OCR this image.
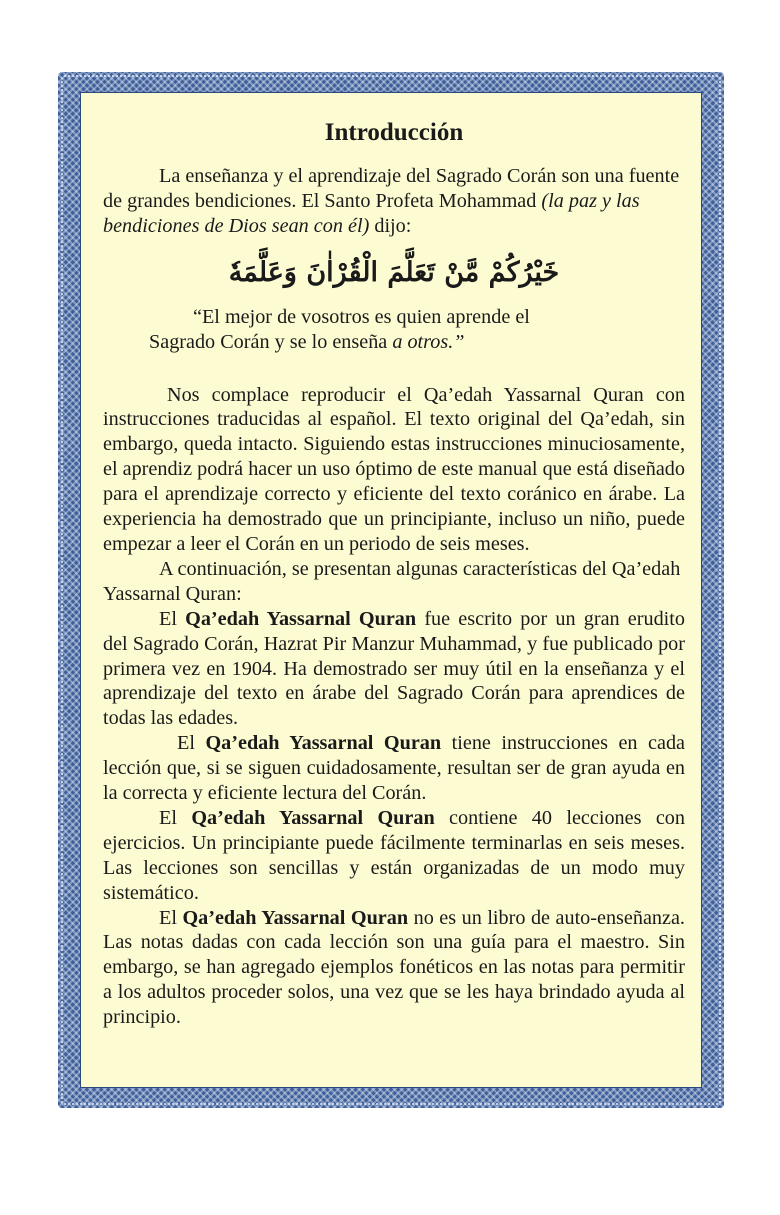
Introducción

La enseñanza y el aprendizaje del Sagrado Corán son una fuente de grandes bendiciones. El Santo Profeta Mohammad (la paz y las bendiciones de Dios sean con él) dijo:

خَيْرُكُمْ مَّنْ تَعَلَّمَ الْقُرْاٰنَ وَعَلَّمَهٗ
“El mejor de vosotros es quien aprende el
Sagrado Corán y se lo enseña a otros.”

Nos complace reproducir el Qa’edah Yassarnal Quran con instrucciones traducidas al español. El texto original del Qa’edah, sin embargo, queda intacto. Siguiendo estas instrucciones minuciosamente, el aprendiz podrá hacer un uso óptimo de este manual que está diseñado para el aprendizaje correcto y eficiente del texto coránico en árabe. La experiencia ha demostrado que un principiante, incluso un niño, puede empezar a leer el Corán en un periodo de seis meses.

A continuación, se presentan algunas características del Qa’edah Yassarnal Quran:

El Qa’edah Yassarnal Quran fue escrito por un gran erudito del Sagrado Corán, Hazrat Pir Manzur Muhammad, y fue publicado por primera vez en 1904. Ha demostrado ser muy útil en la enseñanza y el aprendizaje del texto en árabe del Sagrado Corán para aprendices de todas las edades.

El Qa’edah Yassarnal Quran tiene instrucciones en cada lección que, si se siguen cuidadosamente, resultan ser de gran ayuda en la correcta y eficiente lectura del Corán.

El Qa’edah Yassarnal Quran contiene 40 lecciones con ejercicios. Un principiante puede fácilmente terminarlas en seis meses. Las lecciones son sencillas y están organizadas de un modo muy sistemático.

El Qa’edah Yassarnal Quran no es un libro de auto-enseñanza. Las notas dadas con cada lección son una guía para el maestro. Sin embargo, se han agregado ejemplos fonéticos en las notas para permitir a los adultos proceder solos, una vez que se les haya brindado ayuda al principio.
